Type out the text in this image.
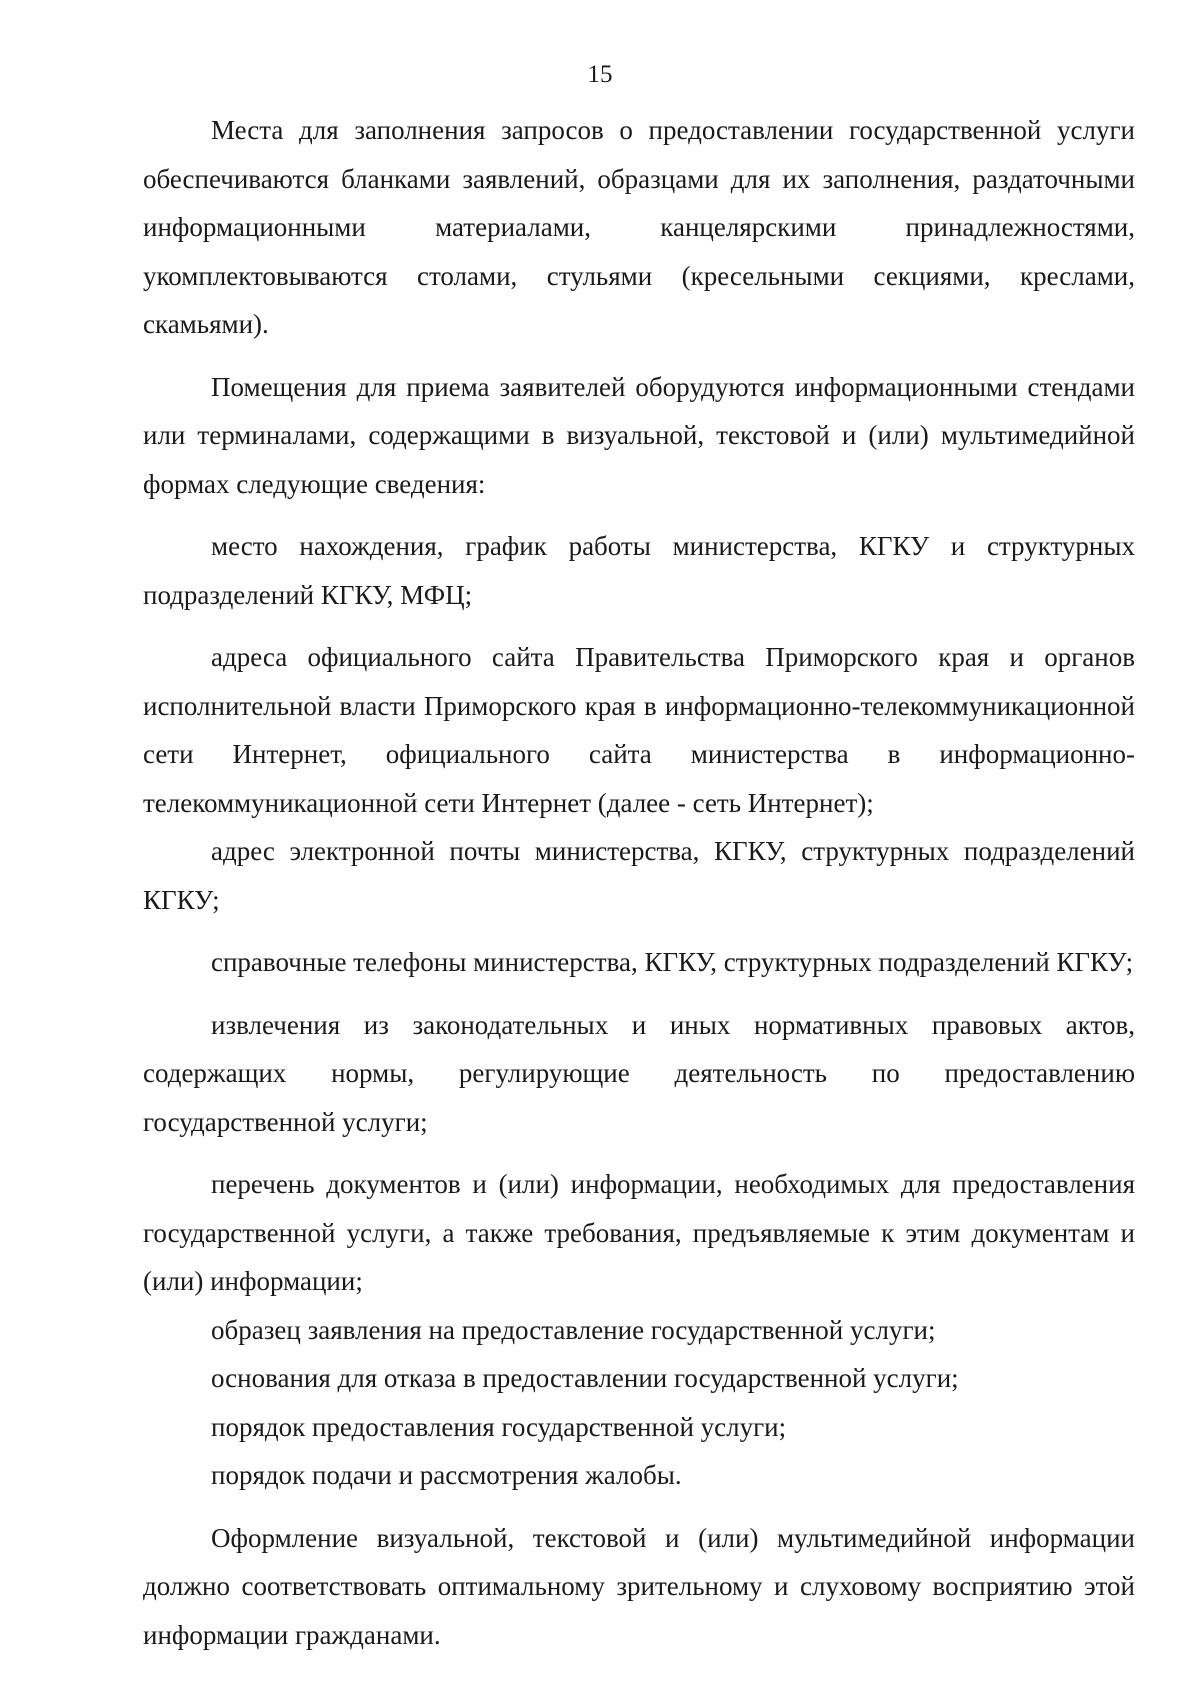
15

Места для заполнения запросов о предоставлении государственной услуги обеспечиваются бланками заявлений, образцами для их заполнения, раздаточными информационными материалами, канцелярскими принадлежностями, укомплектовываются столами, стульями (кресельными секциями, креслами, скамьями).

Помещения для приема заявителей оборудуются информационными стендами или терминалами, содержащими в визуальной, текстовой и (или) мультимедийной формах следующие сведения:

место нахождения, график работы министерства, КГКУ и структурных подразделений КГКУ, МФЦ;

адреса официального сайта Правительства Приморского края и органов исполнительной власти Приморского края в информационно-телекоммуникационной сети Интернет, официального сайта министерства в информационно-телекоммуникационной сети Интернет (далее - сеть Интернет);

адрес электронной почты министерства, КГКУ, структурных подразделений КГКУ;

справочные телефоны министерства, КГКУ, структурных подразделений КГКУ;

извлечения из законодательных и иных нормативных правовых актов, содержащих нормы, регулирующие деятельность по предоставлению государственной услуги;

перечень документов и (или) информации, необходимых для предоставления государственной услуги, а также требования, предъявляемые к этим документам и (или) информации;

образец заявления на предоставление государственной услуги;

основания для отказа в предоставлении государственной услуги;

порядок предоставления государственной услуги;

порядок подачи и рассмотрения жалобы.

Оформление визуальной, текстовой и (или) мультимедийной информации должно соответствовать оптимальному зрительному и слуховому восприятию этой информации гражданами.
